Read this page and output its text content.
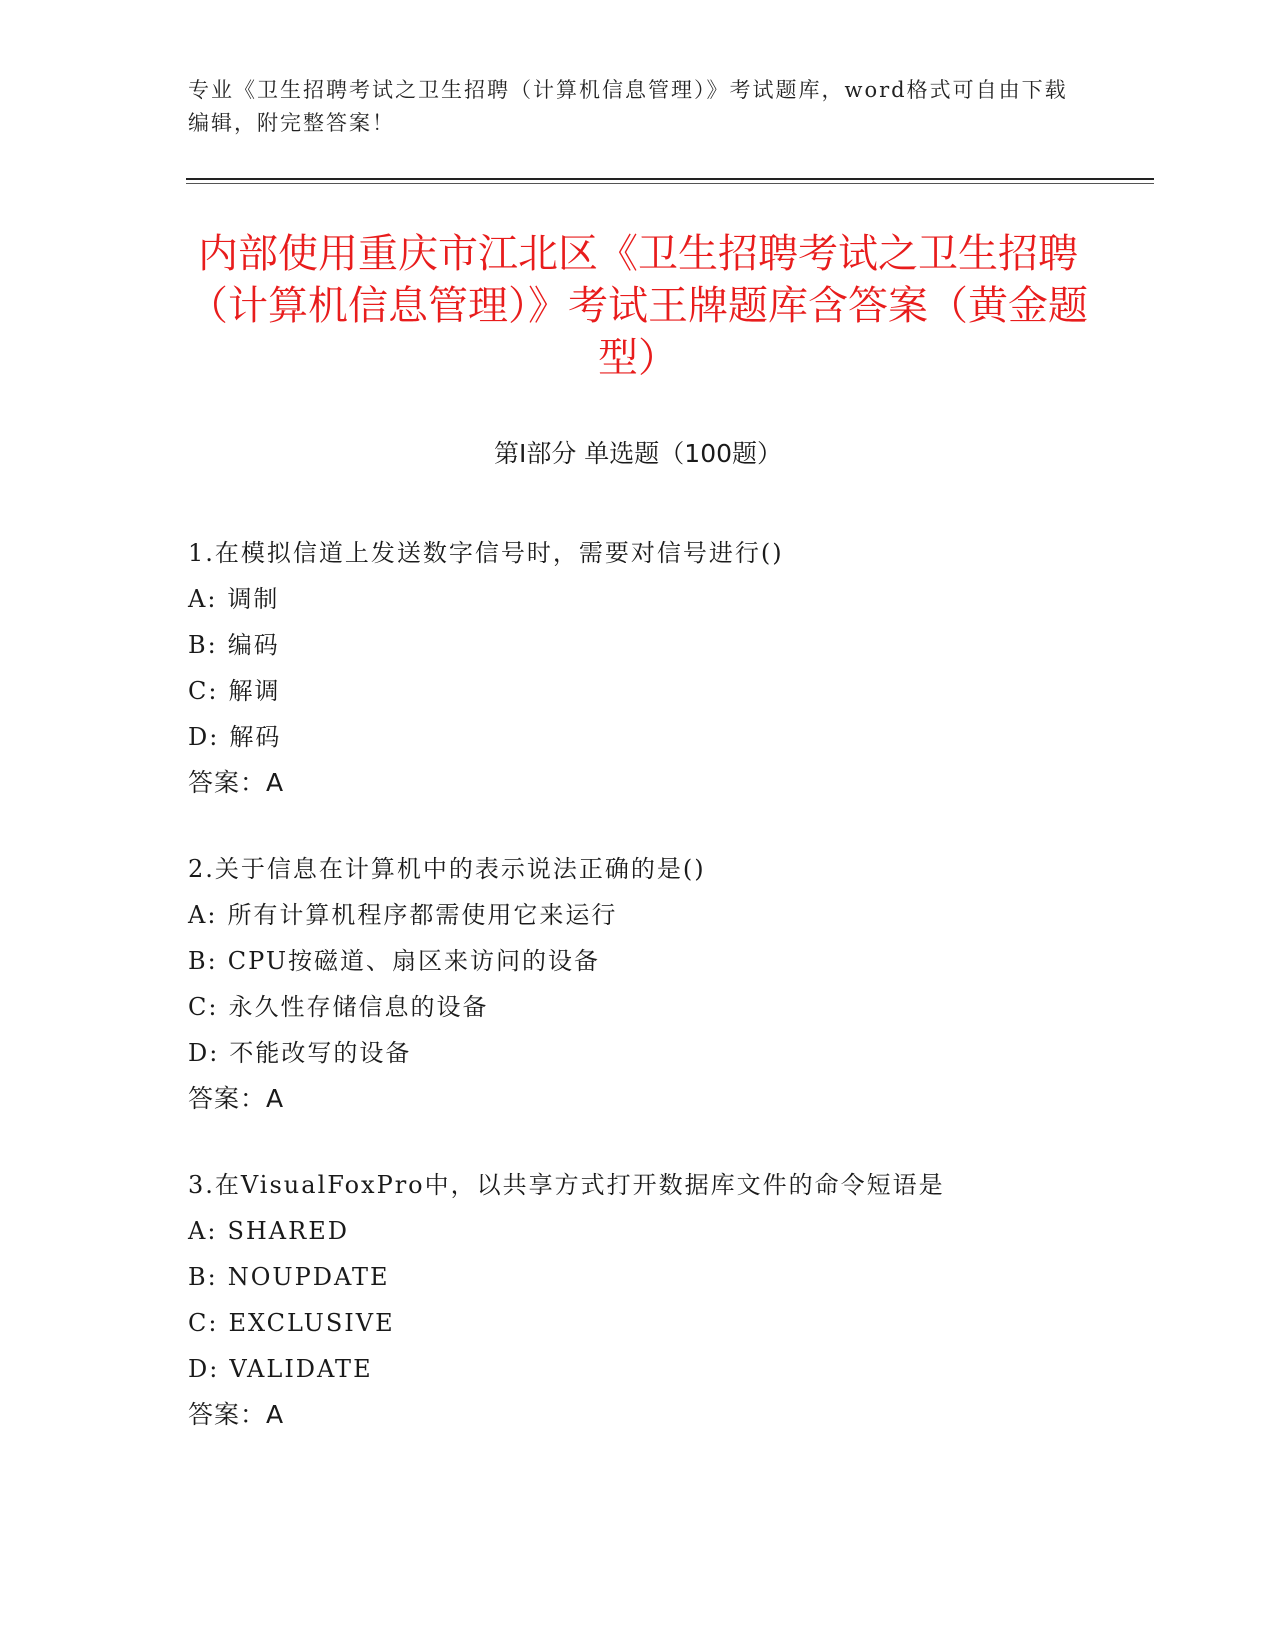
专业《卫生招聘考试之卫生招聘（计算机信息管理）》考试题库，word格式可自由下载编辑，附完整答案！
内部使用重庆市江北区《卫生招聘考试之卫生招聘（计算机信息管理）》考试王牌题库含答案（黄金题型）
第Ⅰ部分 单选题（100题）
1.在模拟信道上发送数字信号时，需要对信号进行()
A: 调制
B: 编码
C: 解调
D: 解码
答案：A
2.关于信息在计算机中的表示说法正确的是()
A: 所有计算机程序都需使用它来运行
B: CPU按磁道、扇区来访问的设备
C: 永久性存储信息的设备
D: 不能改写的设备
答案：A
3.在VisualFoxPro中，以共享方式打开数据库文件的命令短语是
A: SHARED
B: NOUPDATE
C: EXCLUSIVE
D: VALIDATE
答案：A
